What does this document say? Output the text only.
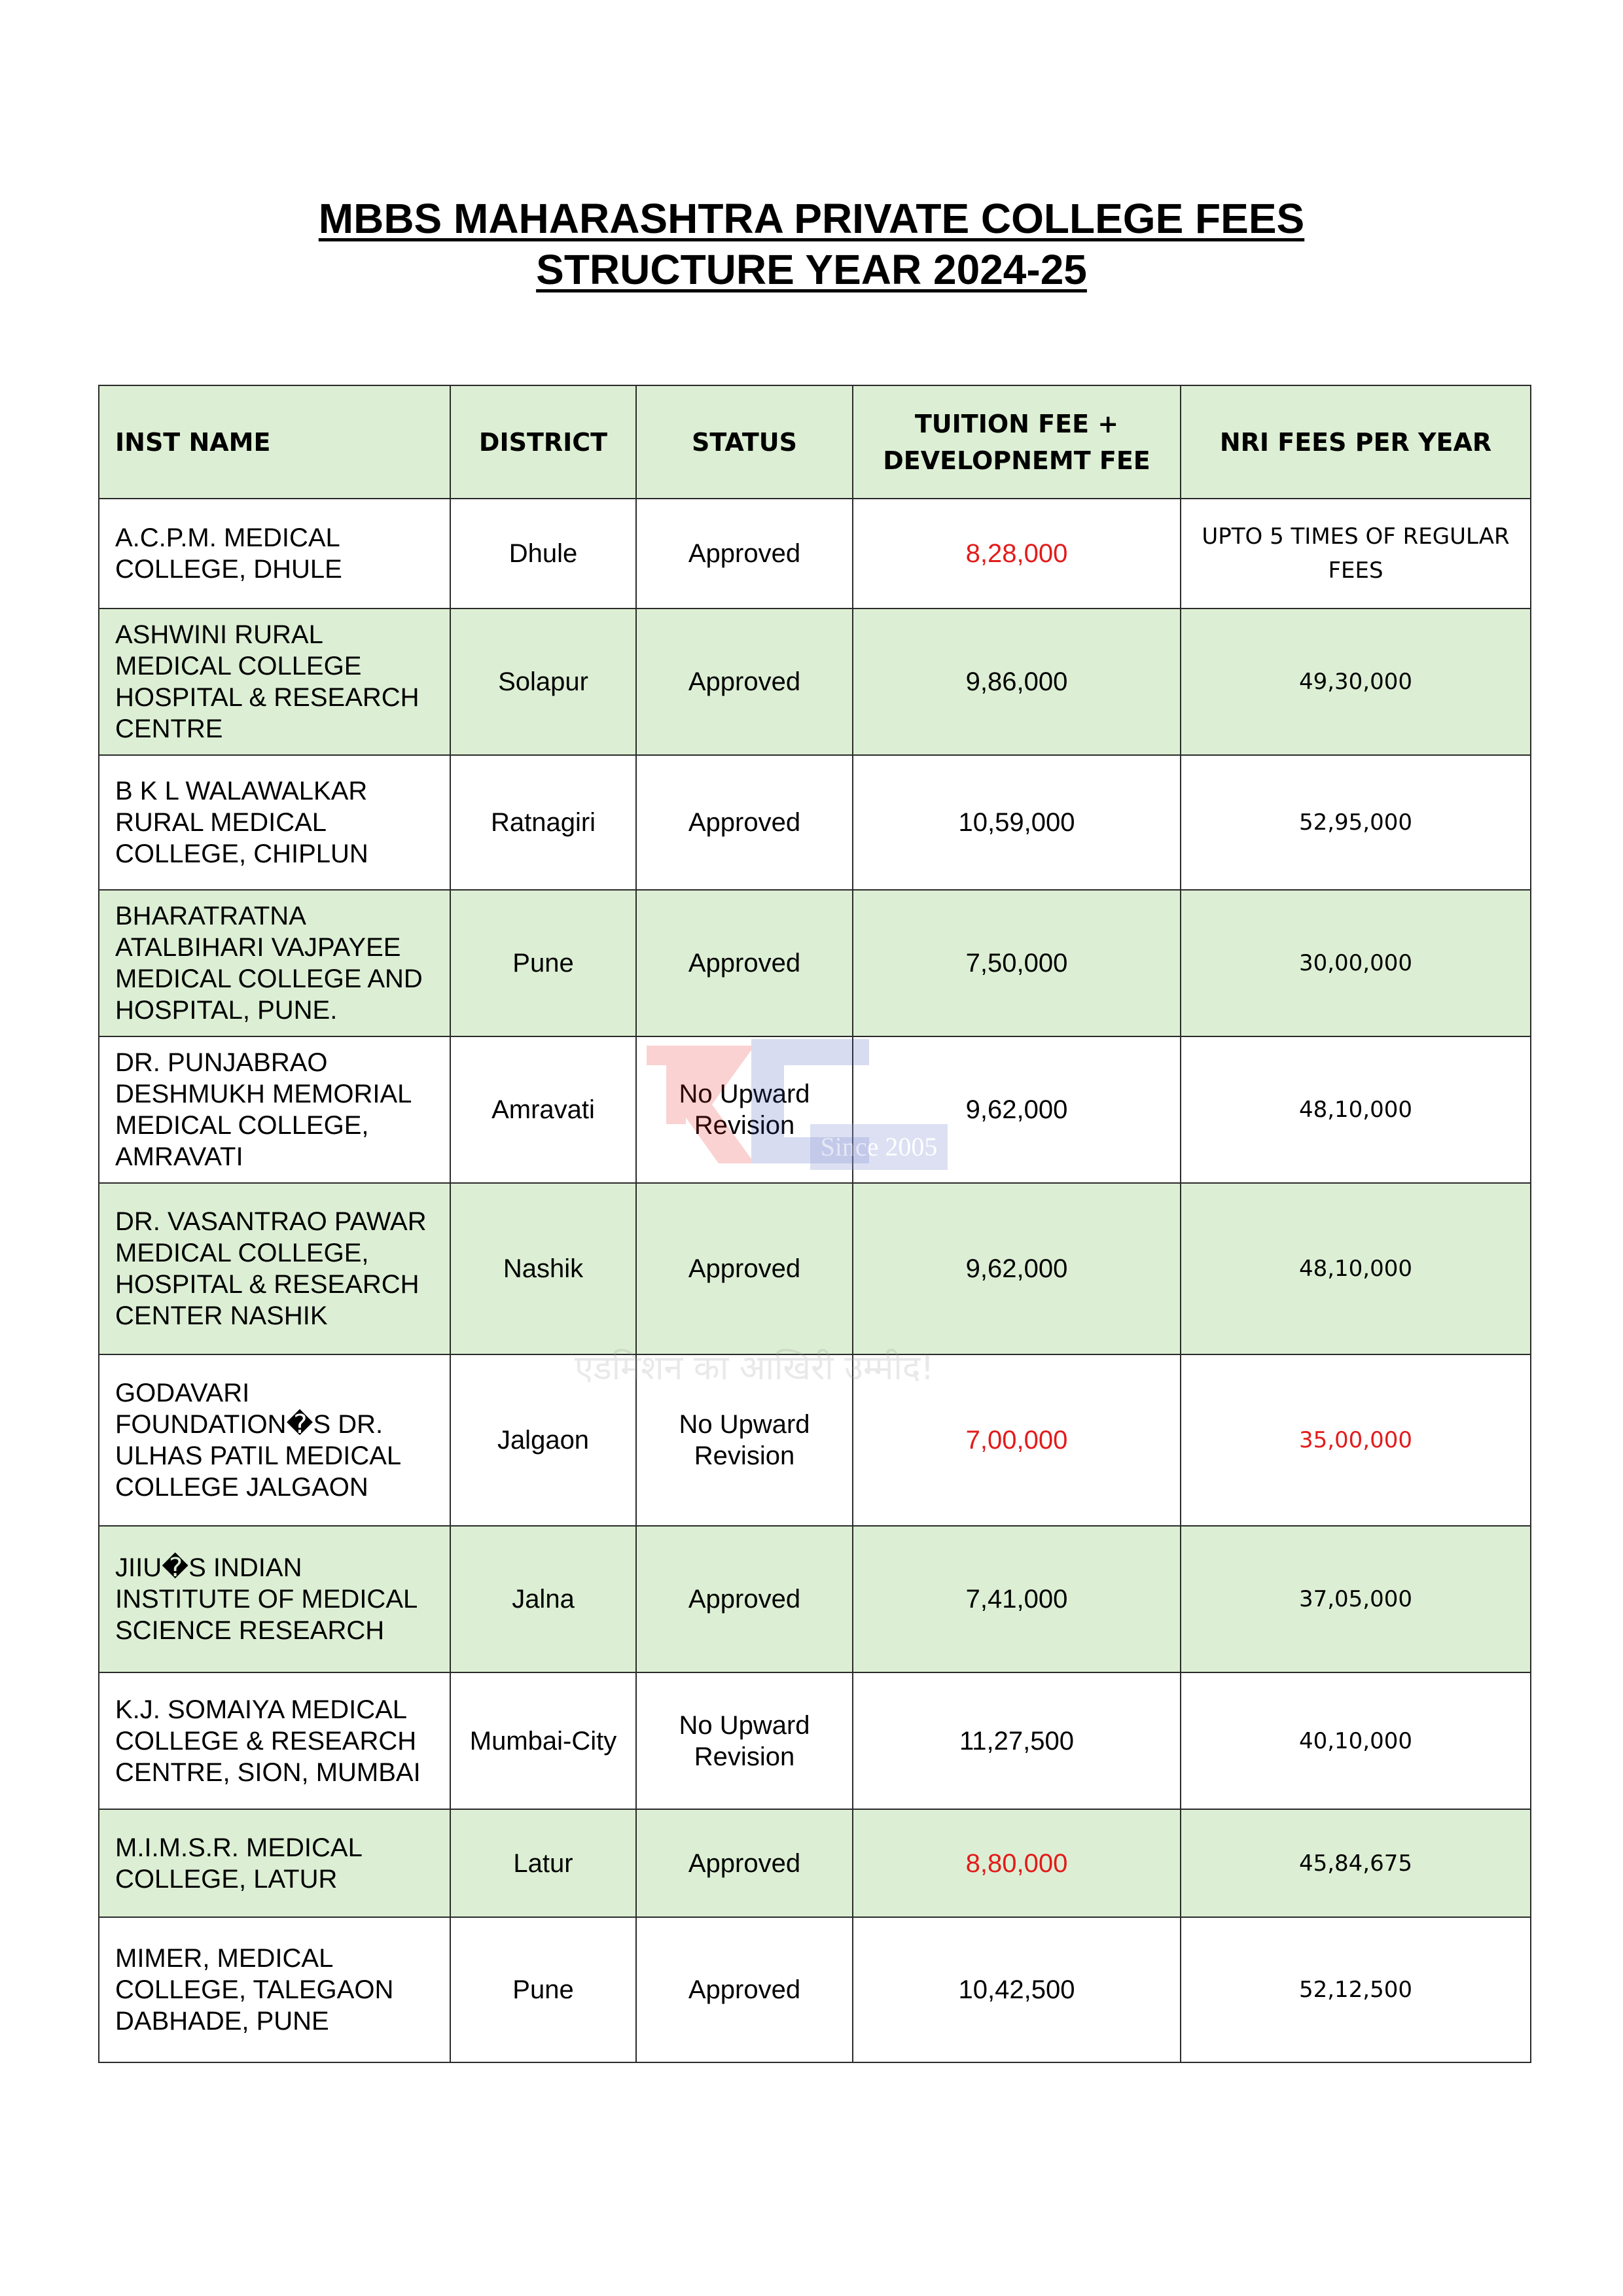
MBBS MAHARASHTRA PRIVATE COLLEGE FEES
STRUCTURE YEAR 2024-25
INST NAME	DISTRICT	STATUS	TUITION FEE + DEVELOPNEMT FEE	NRI FEES PER YEAR
A.C.P.M. MEDICAL COLLEGE, DHULE	Dhule	Approved	8,28,000	UPTO 5 TIMES OF REGULAR FEES
ASHWINI RURAL MEDICAL COLLEGE HOSPITAL & RESEARCH CENTRE	Solapur	Approved	9,86,000	49,30,000
B K L WALAWALKAR RURAL MEDICAL COLLEGE, CHIPLUN	Ratnagiri	Approved	10,59,000	52,95,000
BHARATRATNA ATALBIHARI VAJPAYEE MEDICAL COLLEGE AND HOSPITAL, PUNE.	Pune	Approved	7,50,000	30,00,000
DR. PUNJABRAO DESHMUKH MEMORIAL MEDICAL COLLEGE, AMRAVATI	Amravati	No Upward Revision	9,62,000	48,10,000
DR. VASANTRAO PAWAR MEDICAL COLLEGE, HOSPITAL & RESEARCH CENTER NASHIK	Nashik	Approved	9,62,000	48,10,000
GODAVARI FOUNDATION�S DR. ULHAS PATIL MEDICAL COLLEGE JALGAON	Jalgaon	No Upward Revision	7,00,000	35,00,000
JIIU�S INDIAN INSTITUTE OF MEDICAL SCIENCE RESEARCH	Jalna	Approved	7,41,000	37,05,000
K.J. SOMAIYA MEDICAL COLLEGE & RESEARCH CENTRE, SION, MUMBAI	Mumbai-City	No Upward Revision	11,27,500	40,10,000
M.I.M.S.R. MEDICAL COLLEGE, LATUR	Latur	Approved	8,80,000	45,84,675
MIMER, MEDICAL COLLEGE, TALEGAON DABHADE, PUNE	Pune	Approved	10,42,500	52,12,500
Since 2005
एडमिशन का आखिरी उम्मीद!
